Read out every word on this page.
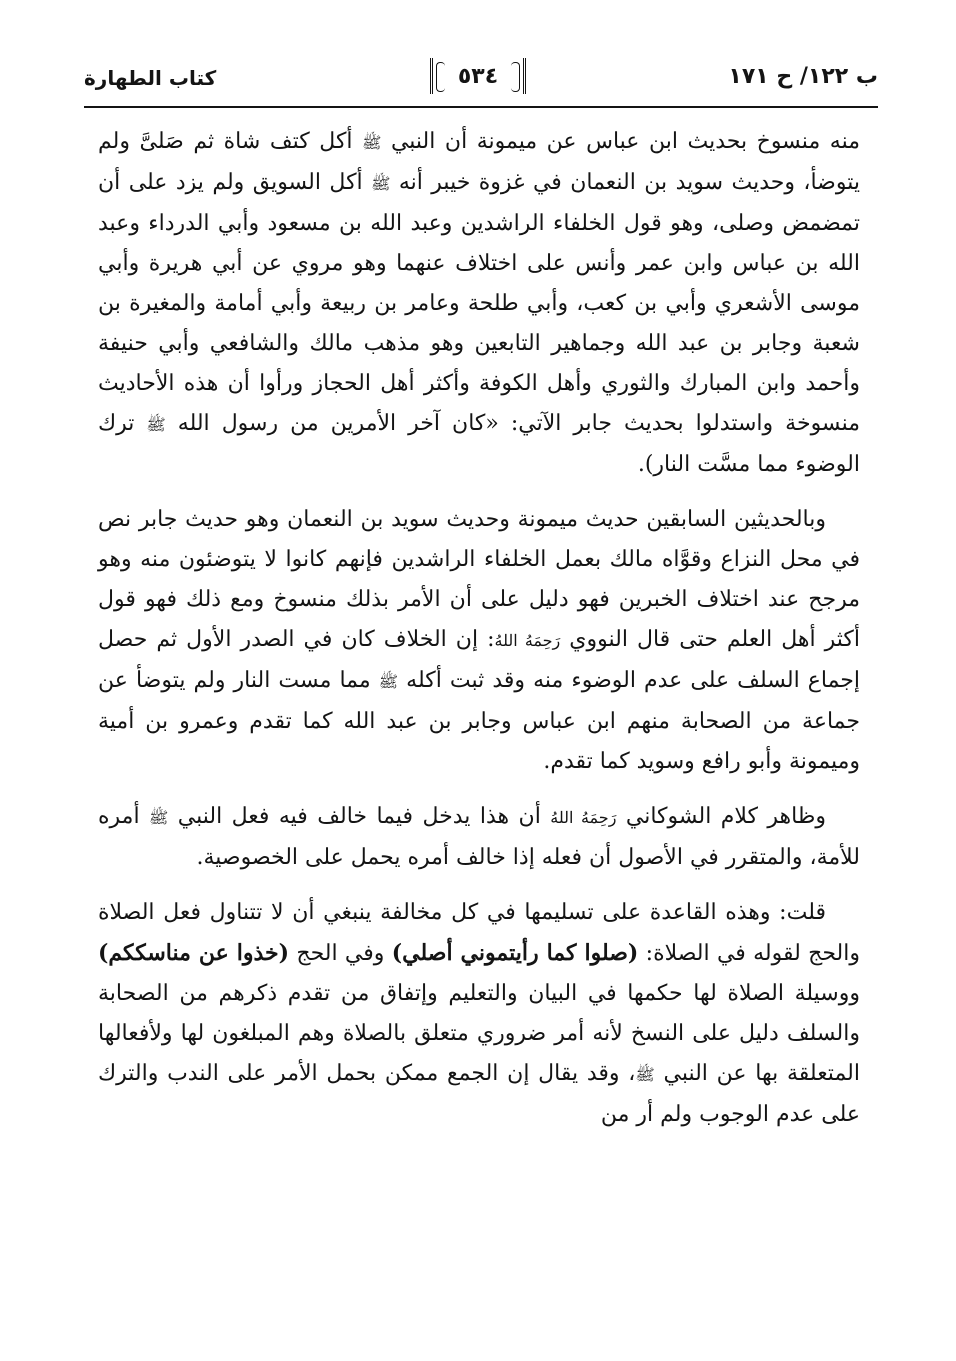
ب ١٢٢/ ح ١٧١
٥٣٤
كتاب الطهارة

منه منسوخ بحديث ابن عباس عن ميمونة أن النبي ﷺ أكل كتف شاة ثم صَلىَّ ولم يتوضأ، وحديث سويد بن النعمان في غزوة خيبر أنه ﷺ أكل السويق ولم يزد على أن تمضمض وصلى، وهو قول الخلفاء الراشدين وعبد الله بن مسعود وأبي الدرداء وعبد الله بن عباس وابن عمر وأنس على اختلاف عنهما وهو مروي عن أبي هريرة وأبي موسى الأشعري وأبي بن كعب، وأبي طلحة وعامر بن ربيعة وأبي أمامة والمغيرة بن شعبة وجابر بن عبد الله وجماهير التابعين وهو مذهب مالك والشافعي وأبي حنيفة وأحمد وابن المبارك والثوري وأهل الكوفة وأكثر أهل الحجاز ورأوا أن هذه الأحاديث منسوخة واستدلوا بحديث جابر الآتي: «كان آخر الأمرين من رسول الله ﷺ ترك الوضوء مما مسَّت النار).

وبالحديثين السابقين حديث ميمونة وحديث سويد بن النعمان وهو حديث جابر نص في محل النزاع وقوَّاه مالك بعمل الخلفاء الراشدين فإنهم كانوا لا يتوضئون منه وهو مرجح عند اختلاف الخبرين فهو دليل على أن الأمر بذلك منسوخ ومع ذلك فهو قول أكثر أهل العلم حتى قال النووي رَحِمَهُ اللهُ: إن الخلاف كان في الصدر الأول ثم حصل إجماع السلف على عدم الوضوء منه وقد ثبت أكله ﷺ مما مست النار ولم يتوضأ عن جماعة من الصحابة منهم ابن عباس وجابر بن عبد الله كما تقدم وعمرو بن أمية وميمونة وأبو رافع وسويد كما تقدم.

وظاهر كلام الشوكاني رَحِمَهُ اللهُ أن هذا يدخل فيما خالف فيه فعل النبي ﷺ أمره للأمة، والمتقرر في الأصول أن فعله إذا خالف أمره يحمل على الخصوصية.

قلت: وهذه القاعدة على تسليمها في كل مخالفة ينبغي أن لا تتناول فعل الصلاة والحج لقوله في الصلاة: (صلوا كما رأيتموني أصلي) وفي الحج (خذوا عن مناسككم) ووسيلة الصلاة لها حكمها في البيان والتعليم وإتفاق من تقدم ذكرهم من الصحابة والسلف دليل على النسخ لأنه أمر ضروري متعلق بالصلاة وهم المبلغون لها ولأفعالها المتعلقة بها عن النبي ﷺ، وقد يقال إن الجمع ممكن بحمل الأمر على الندب والترك على عدم الوجوب ولم أر من
